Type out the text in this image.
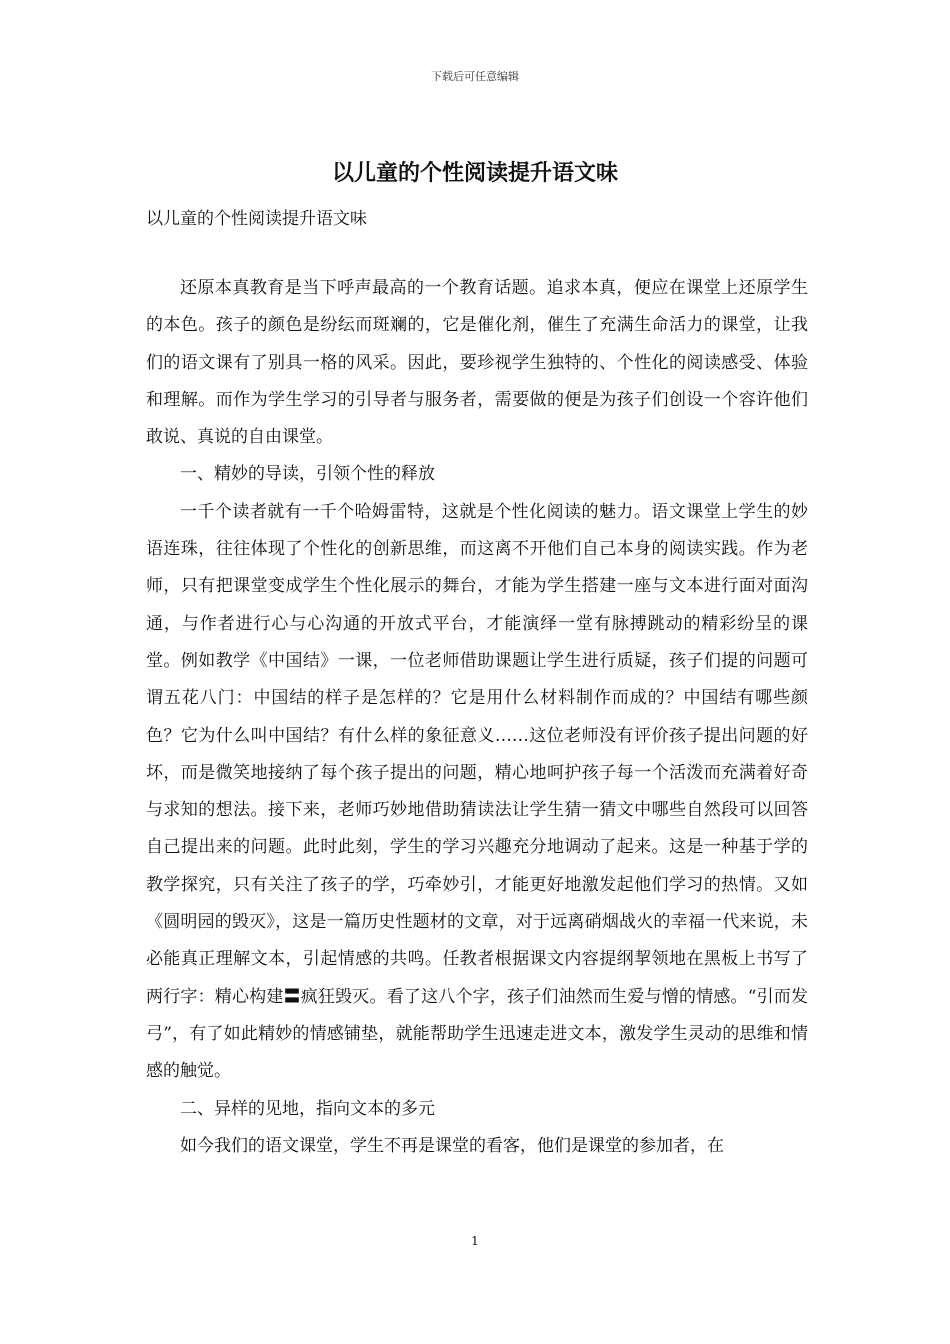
下载后可任意编辑
以儿童的个性阅读提升语文味

以儿童的个性阅读提升语文味

还原本真教育是当下呼声最高的一个教育话题。追求本真，便应在课堂上还原学生的本色。孩子的颜色是纷纭而斑斓的，它是催化剂，催生了充满生命活力的课堂，让我们的语文课有了别具一格的风采。因此，要珍视学生独特的、个性化的阅读感受、体验和理解。而作为学生学习的引导者与服务者，需要做的便是为孩子们创设一个容许他们敢说、真说的自由课堂。

一、精妙的导读，引领个性的释放

一千个读者就有一千个哈姆雷特，这就是个性化阅读的魅力。语文课堂上学生的妙语连珠，往往体现了个性化的创新思维，而这离不开他们自己本身的阅读实践。作为老师，只有把课堂变成学生个性化展示的舞台，才能为学生搭建一座与文本进行面对面沟通，与作者进行心与心沟通的开放式平台，才能演绎一堂有脉搏跳动的精彩纷呈的课堂。例如教学《中国结》一课，一位老师借助课题让学生进行质疑，孩子们提的问题可谓五花八门：中国结的样子是怎样的？它是用什么材料制作而成的？中国结有哪些颜色？它为什么叫中国结？有什么样的象征意义……这位老师没有评价孩子提出问题的好坏，而是微笑地接纳了每个孩子提出的问题，精心地呵护孩子每一个活泼而充满着好奇与求知的想法。接下来，老师巧妙地借助猜读法让学生猜一猜文中哪些自然段可以回答自己提出来的问题。此时此刻，学生的学习兴趣充分地调动了起来。这是一种基于学的教学探究，只有关注了孩子的学，巧牵妙引，才能更好地激发起他们学习的热情。又如《圆明园的毁灭》，这是一篇历史性题材的文章，对于远离硝烟战火的幸福一代来说，未必能真正理解文本，引起情感的共鸣。任教者根据课文内容提纲挈领地在黑板上书写了两行字：精心构建〓疯狂毁灭。看了这八个字，孩子们油然而生爱与憎的情感。“引而发弓”，有了如此精妙的情感铺垫，就能帮助学生迅速走进文本，激发学生灵动的思维和情感的触觉。

二、异样的见地，指向文本的多元

如今我们的语文课堂，学生不再是课堂的看客，他们是课堂的参加者，在

1
